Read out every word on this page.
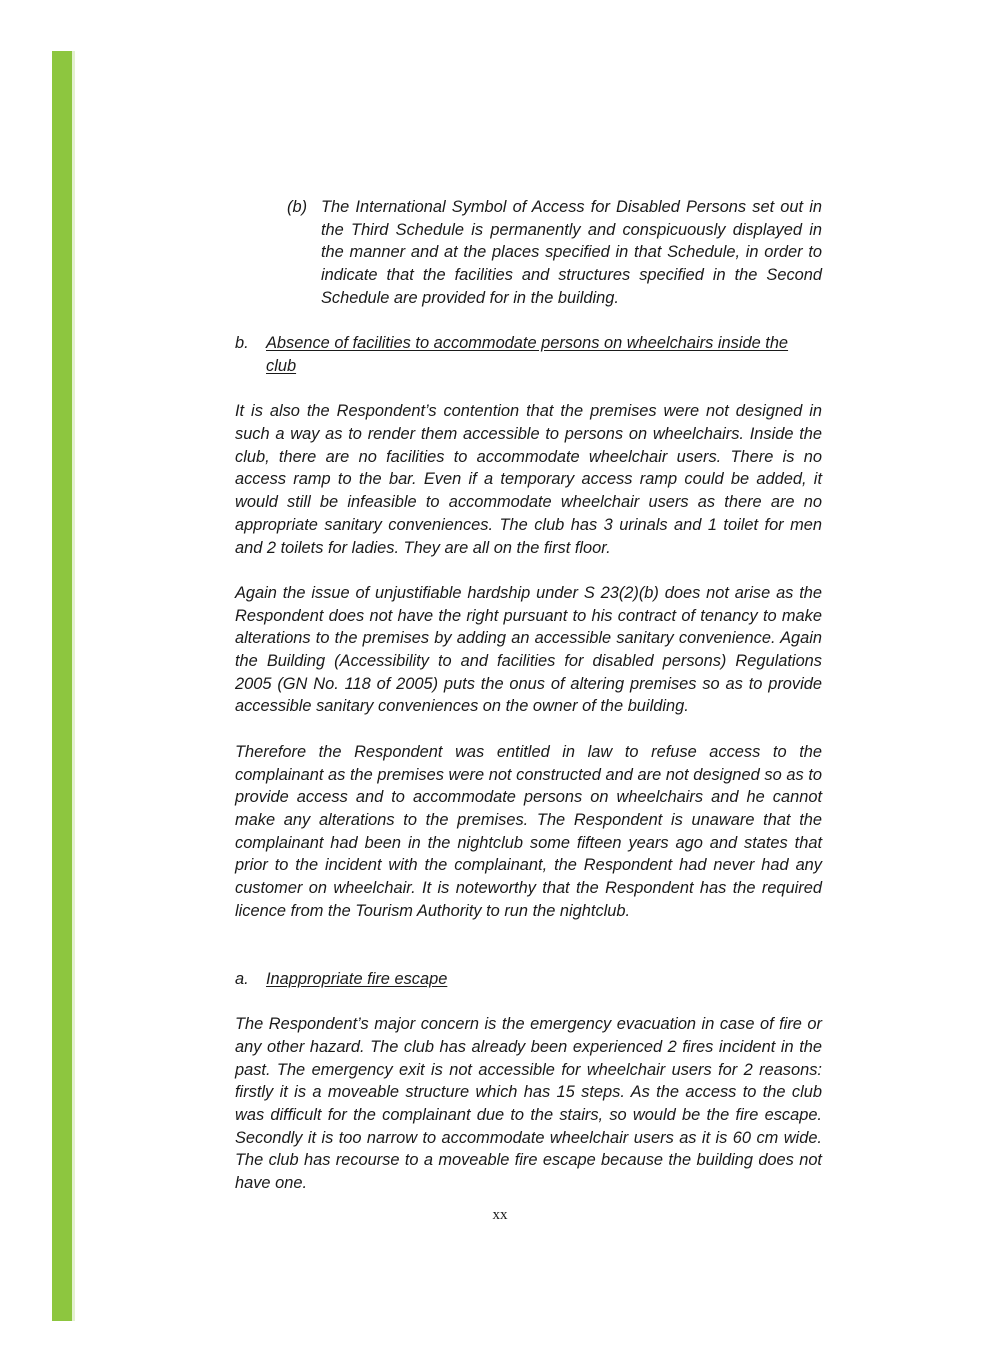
(b) The International Symbol of Access for Disabled Persons set out in the Third Schedule is permanently and conspicuously displayed in the manner and at the places specified in that Schedule, in order to indicate that the facilities and structures specified in the Second Schedule are provided for in the building.
b.	Absence of facilities to accommodate persons on wheelchairs inside the club

It is also the Respondent’s contention that the premises were not designed in such a way as to render them accessible to persons on wheelchairs. Inside the club, there are no facilities to accommodate wheelchair users. There is no access ramp to the bar. Even if a temporary access ramp could be added, it would still be infeasible to accommodate wheelchair users as there are no appropriate sanitary conveniences. The club has 3 urinals and 1 toilet for men and 2 toilets for ladies. They are all on the first floor.

Again the issue of unjustifiable hardship under S 23(2)(b) does not arise as the Respondent does not have the right pursuant to his contract of tenancy to make alterations to the premises by adding an accessible sanitary convenience. Again the Building (Accessibility to and facilities for disabled persons) Regulations 2005 (GN No. 118 of 2005) puts the onus of altering premises so as to provide accessible sanitary conveniences on the owner of the building.

Therefore the Respondent was entitled in law to refuse access to the complainant as the premises were not constructed and are not designed so as to provide access and to accommodate persons on wheelchairs and he cannot make any alterations to the premises. The Respondent is unaware that the complainant had been in the nightclub some fifteen years ago and states that prior to the incident with the complainant, the Respondent had never had any customer on wheelchair. It is noteworthy that the Respondent has the required licence from the Tourism Authority to run the nightclub.

a.	Inappropriate fire escape

The Respondent’s major concern is the emergency evacuation in case of fire or any other hazard. The club has already been experienced 2 fires incident in the past. The emergency exit is not accessible for wheelchair users for 2 reasons: firstly it is a moveable structure which has 15 steps. As the access to the club was difficult for the complainant due to the stairs, so would be the fire escape. Secondly it is too narrow to accommodate wheelchair users as it is 60 cm wide. The club has recourse to a moveable fire escape because the building does not have one.

xx
